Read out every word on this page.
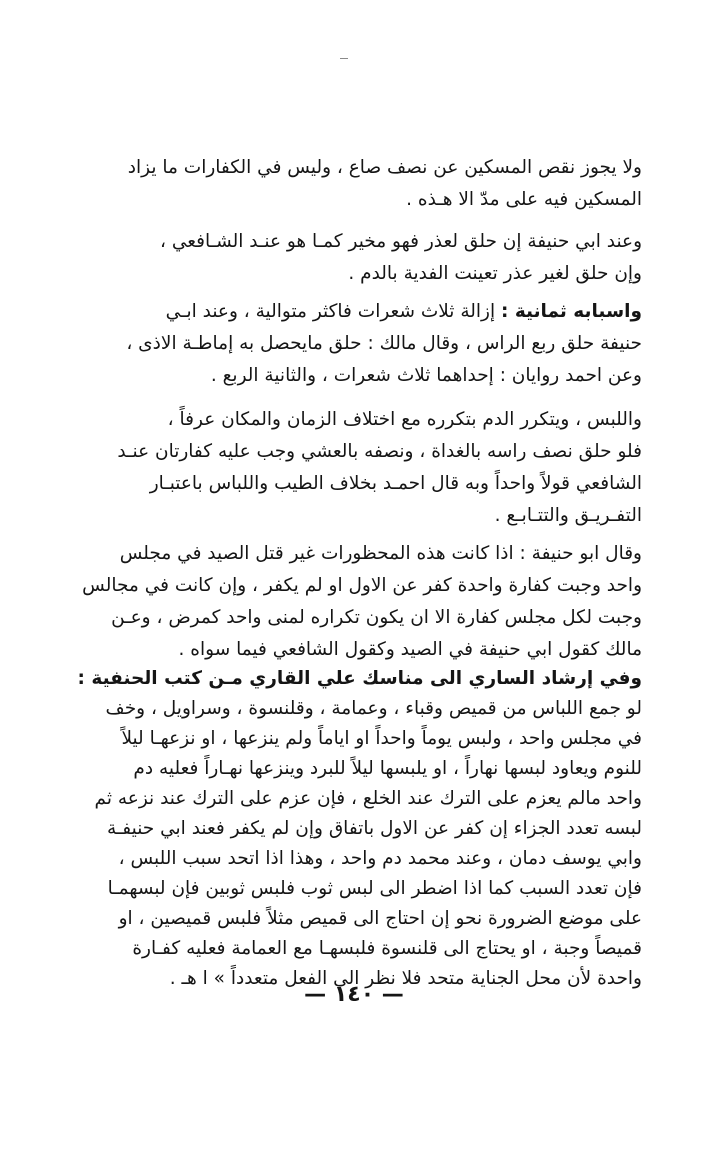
ولا يجوز نقص المسكين عن نصف صاع ، وليس في الكفارات ما يزاد
المسكين فيه على مدّ الا هـذه .
وعند ابي حنيفة إن حلق لعذر فهو مخير كمـا هو عنـد الشـافعي ،
وإن حلق لغير عذر تعينت الفدية بالدم .
واسبابه ثمانية : إزالة ثلاث شعرات فاكثر متوالية ، وعند ابـي
حنيفة حلق ربع الراس ، وقال مالك : حلق مايحصل به إماطـة الاذى ،
وعن احمد روايان : إحداهما ثلاث شعرات ، والثانية الربع .
واللبس ، ويتكرر الدم بتكرره مع اختلاف الزمان والمكان عرفاً ،
فلو حلق نصف راسه بالغداة ، ونصفه بالعشي وجب عليه كفارتان عنـد
الشافعي قولاً واحداً وبه قال احمـد بخلاف الطيب واللباس باعتبـار
التفـريـق والتتـابـع .
وقال ابو حنيفة : اذا كانت هذه المحظورات غير قتل الصيد في مجلس
واحد وجبت كفارة واحدة كفر عن الاول او لم يكفر ، وإن كانت في مجالس
وجبت لكل مجلس كفارة الا ان يكون تكراره لمنى واحد كمرض ، وعـن
مالك كقول ابي حنيفة في الصيد وكقول الشافعي فيما سواه .
وفي إرشاد الساري الى مناسك علي القاري مـن كتب الحنفية :
لو جمع اللباس من قميص وقباء ، وعمامة ، وقلنسوة ، وسراويل ، وخف
في مجلس واحد ، ولبس يوماً واحداً او اياماً ولم ينزعها ، او نزعهـا ليلاً
للنوم ويعاود لبسها نهاراً ، او يلبسها ليلاً للبرد وينزعها نهـاراً فعليه دم
واحد مالم يعزم على الترك عند الخلع ، فإن عزم على الترك عند نزعه ثم
لبسه تعدد الجزاء إن كفر عن الاول باتفاق وإن لم يكفر فعند ابي حنيفـة
وابي يوسف دمان ، وعند محمد دم واحد ، وهذا اذا اتحد سبب اللبس ،
فإن تعدد السبب كما اذا اضطر الى لبس ثوب فلبس ثوبين فإن لبسهمـا
على موضع الضرورة نحو إن احتاج الى قميص مثلاً فلبس قميصين ، او
قميصاً وجبة ، او يحتاج الى قلنسوة فلبسهـا مع العمامة فعليه كفـارة
واحدة لأن محل الجناية متحد فلا نظر الى الفعل متعدداً » ا هـ .
— ١٤٠ —
